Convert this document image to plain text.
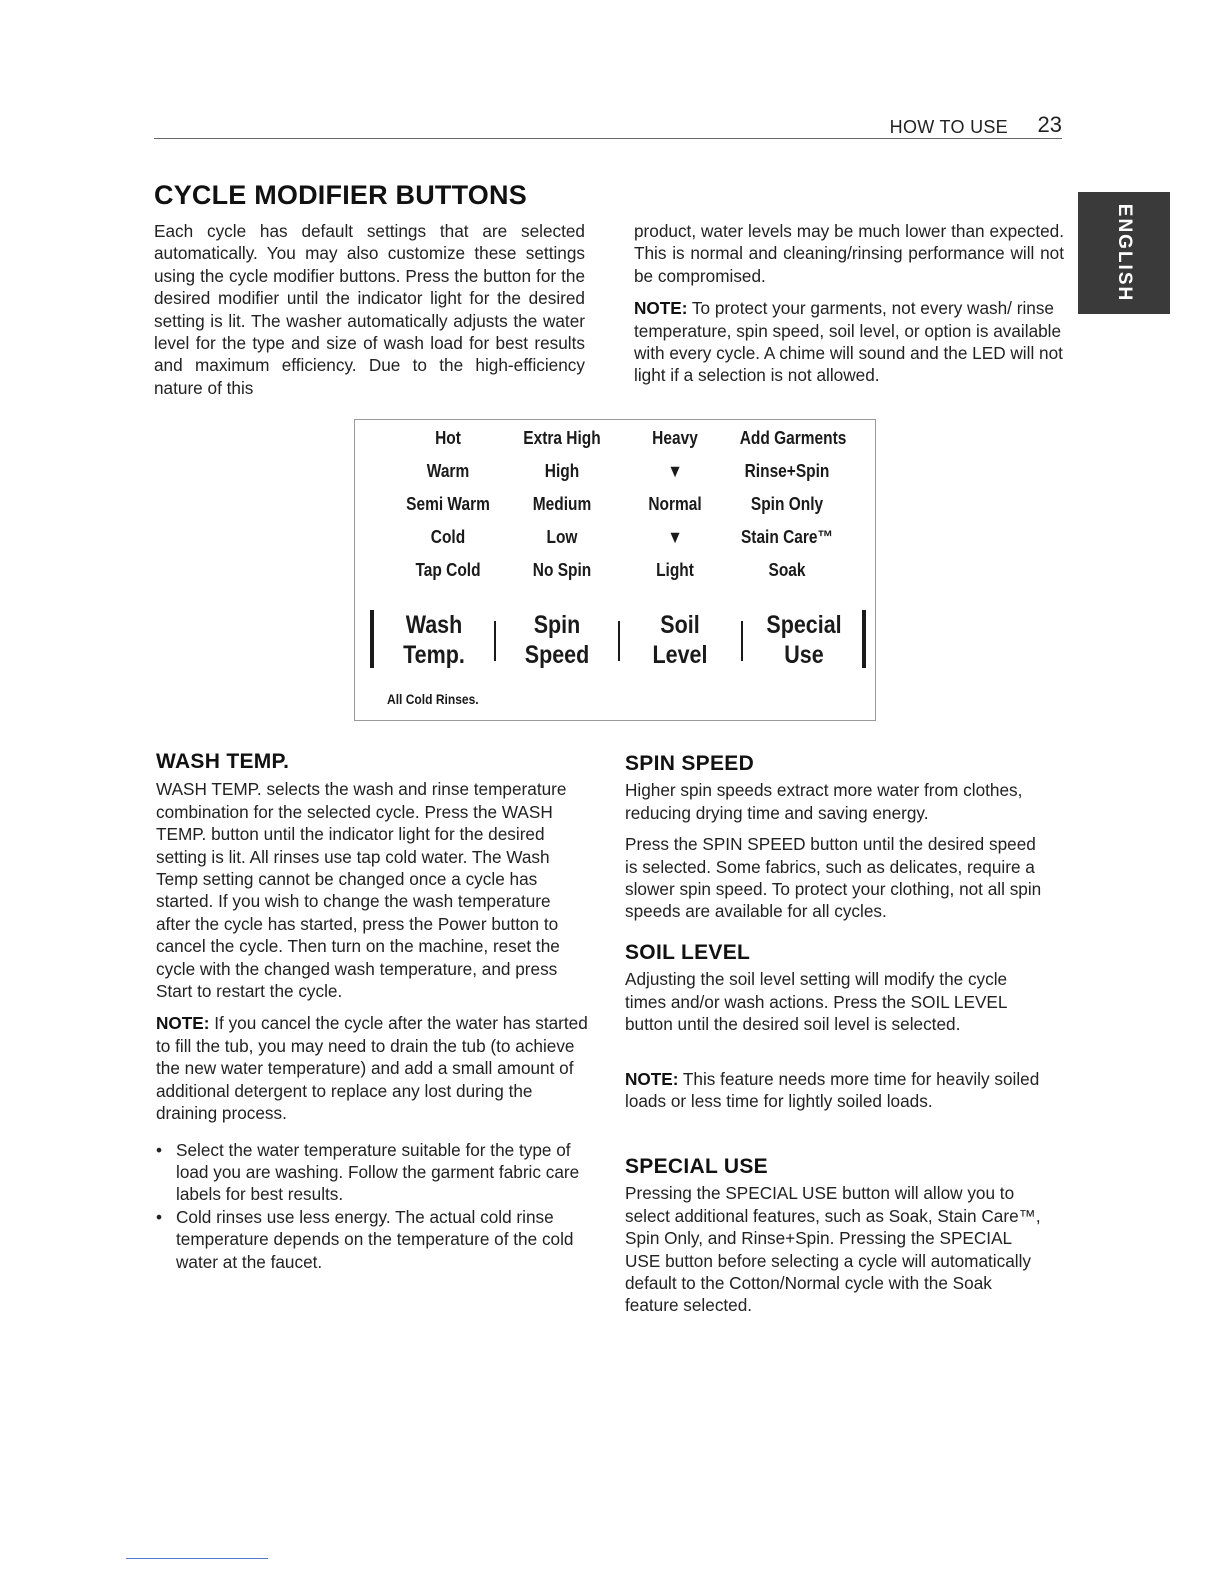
HOW TO USE 23
ENGLISH
CYCLE MODIFIER BUTTONS

Each cycle has default settings that are selected automatically. You may also customize these settings using the cycle modifier buttons. Press the button for the desired modifier until the indicator light for the desired setting is lit. The washer automatically adjusts the water level for the type and size of wash load for best results and maximum efficiency. Due to the high-efficiency nature of this

product, water levels may be much lower than expected. This is normal and cleaning/rinsing performance will not be compromised.

NOTE: To protect your garments, not every wash/ rinse temperature, spin speed, soil level, or option is available with every cycle. A chime will sound and the LED will not light if a selection is not allowed.

Hot
Warm
Semi Warm
Cold
Tap Cold
Extra High
High
Medium
Low
No Spin
Heavy
▼
Normal
▼
Light
Add Garments
Rinse+Spin
Spin Only
Stain Care™
Soak
Wash
Temp.
Spin
Speed
Soil
Level
Special
Use
All Cold Rinses.
WASH TEMP.

WASH TEMP. selects the wash and rinse temperature combination for the selected cycle. Press the WASH TEMP. button until the indicator light for the desired setting is lit. All rinses use tap cold water. The Wash Temp setting cannot be changed once a cycle has started. If you wish to change the wash temperature after the cycle has started, press the Power button to cancel the cycle. Then turn on the machine, reset the cycle with the changed wash temperature, and press Start to restart the cycle.

NOTE: If you cancel the cycle after the water has started to fill the tub, you may need to drain the tub (to achieve the new water temperature) and add a small amount of additional detergent to replace any lost during the draining process.

• Select the water temperature suitable for the type of load you are washing. Follow the garment fabric care labels for best results.
• Cold rinses use less energy. The actual cold rinse temperature depends on the temperature of the cold water at the faucet.
SPIN SPEED

Higher spin speeds extract more water from clothes, reducing drying time and saving energy.

Press the SPIN SPEED button until the desired speed is selected. Some fabrics, such as delicates, require a slower spin speed. To protect your clothing, not all spin speeds are available for all cycles.

SOIL LEVEL

Adjusting the soil level setting will modify the cycle times and/or wash actions. Press the SOIL LEVEL button until the desired soil level is selected.

NOTE: This feature needs more time for heavily soiled loads or less time for lightly soiled loads.

SPECIAL USE

Pressing the SPECIAL USE button will allow you to select additional features, such as Soak, Stain Care™, Spin Only, and Rinse+Spin. Pressing the SPECIAL USE button before selecting a cycle will automatically default to the Cotton/Normal cycle with the Soak feature selected.
